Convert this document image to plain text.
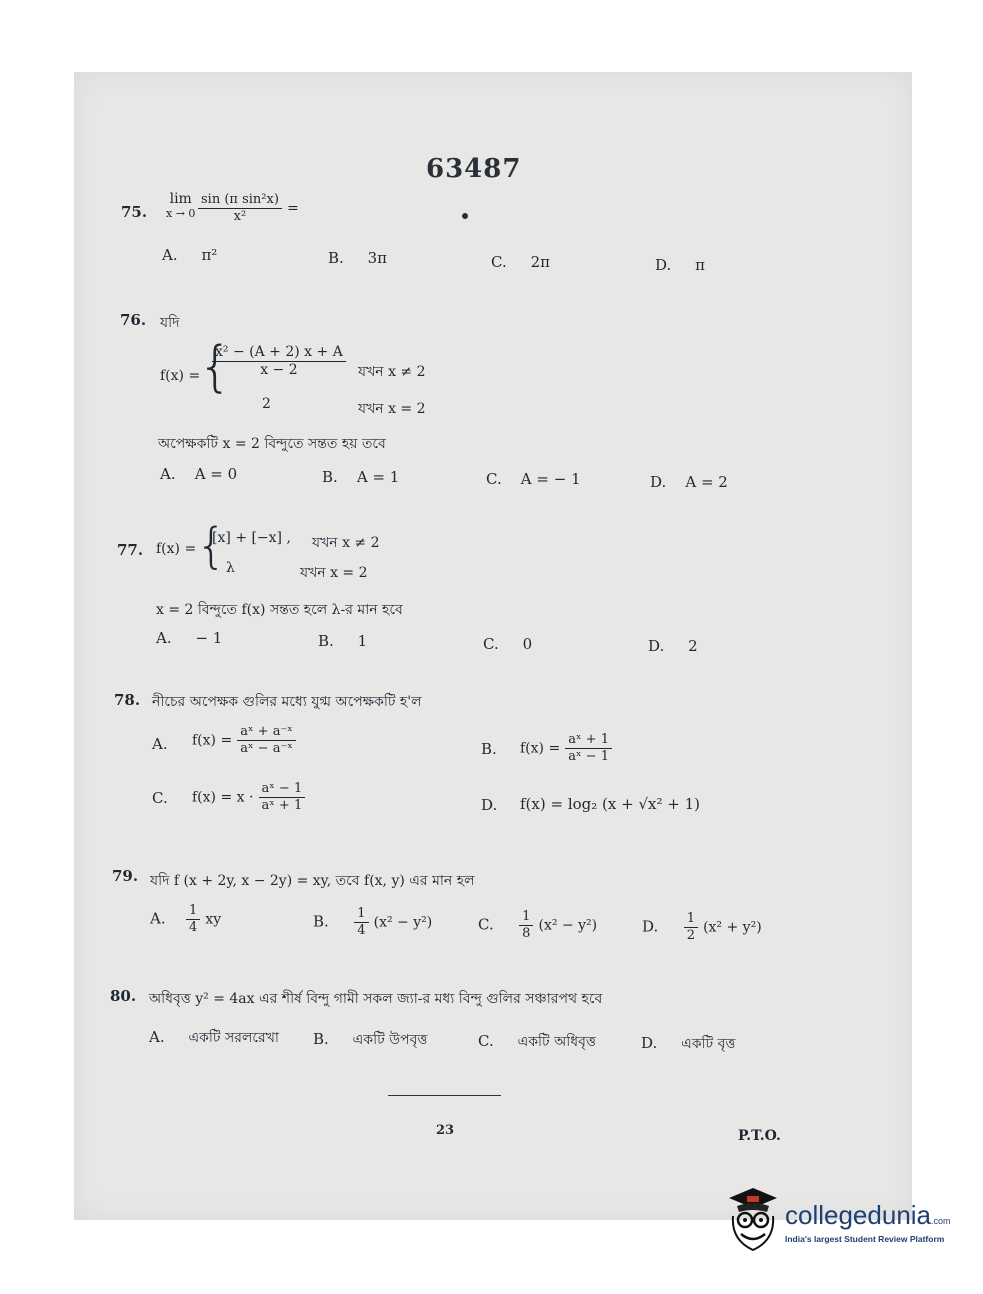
63487
75.
lim
$x \to 0 \frac{\text{sin (π sin²x)}}{\text{x²}}$ =
A. π²	B. 3π	C. 2π	D. π
76. যদি
f(x) =
{
$\frac{\text{x² − (A + 2) x + A}}{x - 2}$ যখন x ≠ 2
2	যখন x = 2
অপেক্ষকটি x = 2 বিন্দুতে সন্তত হয় তবে
A. A = 0	B. A = 1	C. A = − 1	D. A = 2
77. f(x) = {
[x] + [−x] , যখন x ≠ 2
λ	যখন x = 2
x = 2 বিন্দুতে f(x) সন্তত হলে λ-র মান হবে
A. − 1	B. 1	C. 0	D. 2
78. নীচের অপেক্ষক গুলির মধ্যে যুগ্ম অপেক্ষকটি হ'ল
A. $f(x) = \frac{\text{aˣ + a⁻ˣ}}{\text{aˣ − a⁻ˣ}}$	B. $f(x) = \frac{\text{aˣ + 1}}{\text{aˣ − 1}}$
C. $f(x) = x \cdot \frac{\text{aˣ − 1}}{\text{aˣ + 1}}$	D. f(x) = log₂ (x + √x² + 1)
79. যদি f (x + 2y, x − 2y) = xy, তবে f(x, y) এর মান হল
A. $\frac{1}{4}$ xy	B. $\frac{1}{4} (x^2 - y^2)$	C. $\frac{1}{8} (x^2 - y^2)$	D. $\frac{1}{2} (x^2 + y^2)$
80. অধিবৃত্ত y² = 4ax এর শীর্ষ বিন্দু গামী সকল জ্যা-র মধ্য বিন্দু গুলির সঞ্চারপথ হবে
A. একটি সরলরেখা B. একটি উপবৃত্ত	C. একটি অধিবৃত্ত	D. একটি বৃত্ত
23	P.T.O.
collegedunia.com
India's largest Student Review Platform
